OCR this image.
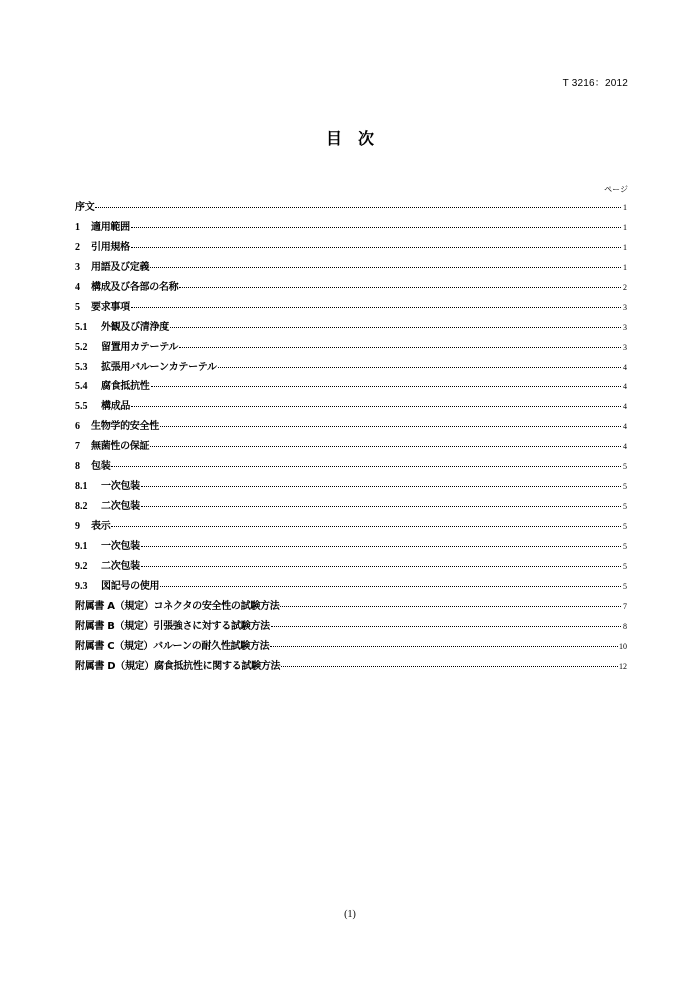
T 3216：2012
目　次
ページ
序文	1
1	適用範囲	1
2	引用規格	1
3	用語及び定義	1
4	構成及び各部の名称	2
5	要求事項	3
5.1	外観及び清浄度	3
5.2	留置用カテーテル	3
5.3	拡張用バルーンカテーテル	4
5.4	腐食抵抗性	4
5.5	構成品	4
6	生物学的安全性	4
7	無菌性の保証	4
8	包装	5
8.1	一次包装	5
8.2	二次包装	5
9	表示	5
9.1	一次包装	5
9.2	二次包装	5
9.3	図記号の使用	5
附属書 A（規定）コネクタの安全性の試験方法	7
附属書 B（規定）引張強さに対する試験方法	8
附属書 C（規定）バルーンの耐久性試験方法	10
附属書 D（規定）腐食抵抗性に関する試験方法	12
(1)
